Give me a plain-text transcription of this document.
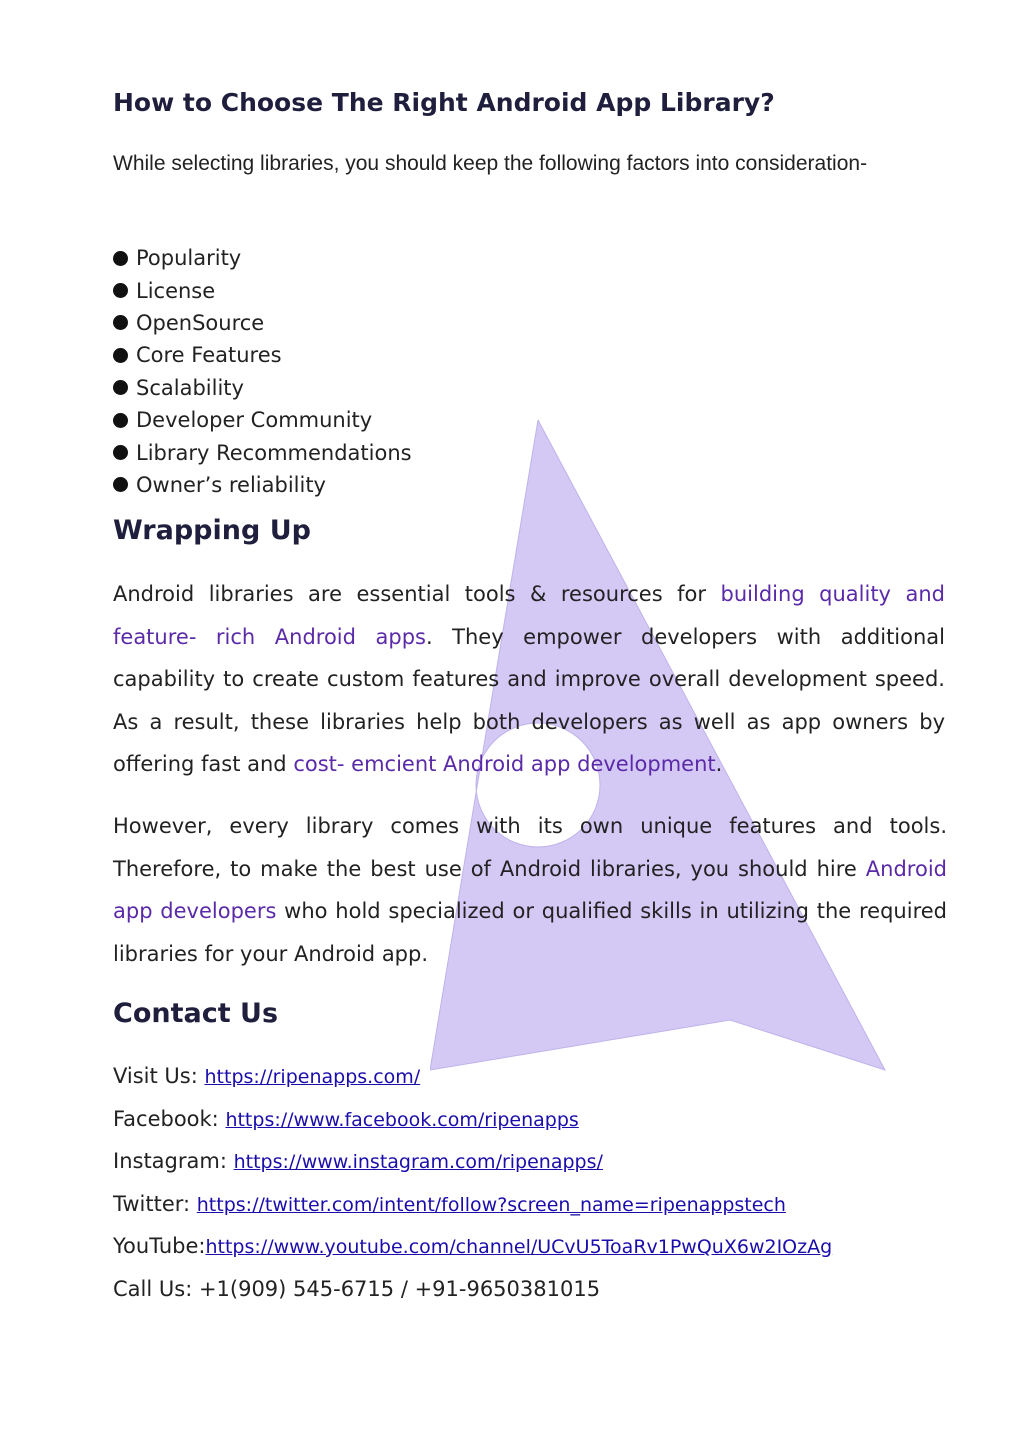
How to Choose The Right Android App Library?

While selecting libraries, you should keep the following factors into consideration-

Popularity
License
OpenSource
Core Features
Scalability
Developer Community
Library Recommendations
Owner’s reliability
Wrapping Up

Android libraries are essential tools & resources for building quality and feature- rich Android apps. They empower developers with additional capability to create custom features and improve overall development speed. As a result, these libraries help both developers as well as app owners by offering fast and cost- emcient Android app development.

However, every library comes with its own unique features and tools. Therefore, to make the best use of Android libraries, you should hire Android app developers who hold specialized or qualified skills in utilizing the required libraries for your Android app.

Contact Us
Visit Us: https://ripenapps.com/
Facebook: https://www.facebook.com/ripenapps
Instagram: https://www.instagram.com/ripenapps/
Twitter: https://twitter.com/intent/follow?screen_name=ripenappstech
YouTube:https://www.youtube.com/channel/UCvU5ToaRv1PwQuX6w2IOzAg
Call Us: +1(909) 545-6715 / +91-9650381015
